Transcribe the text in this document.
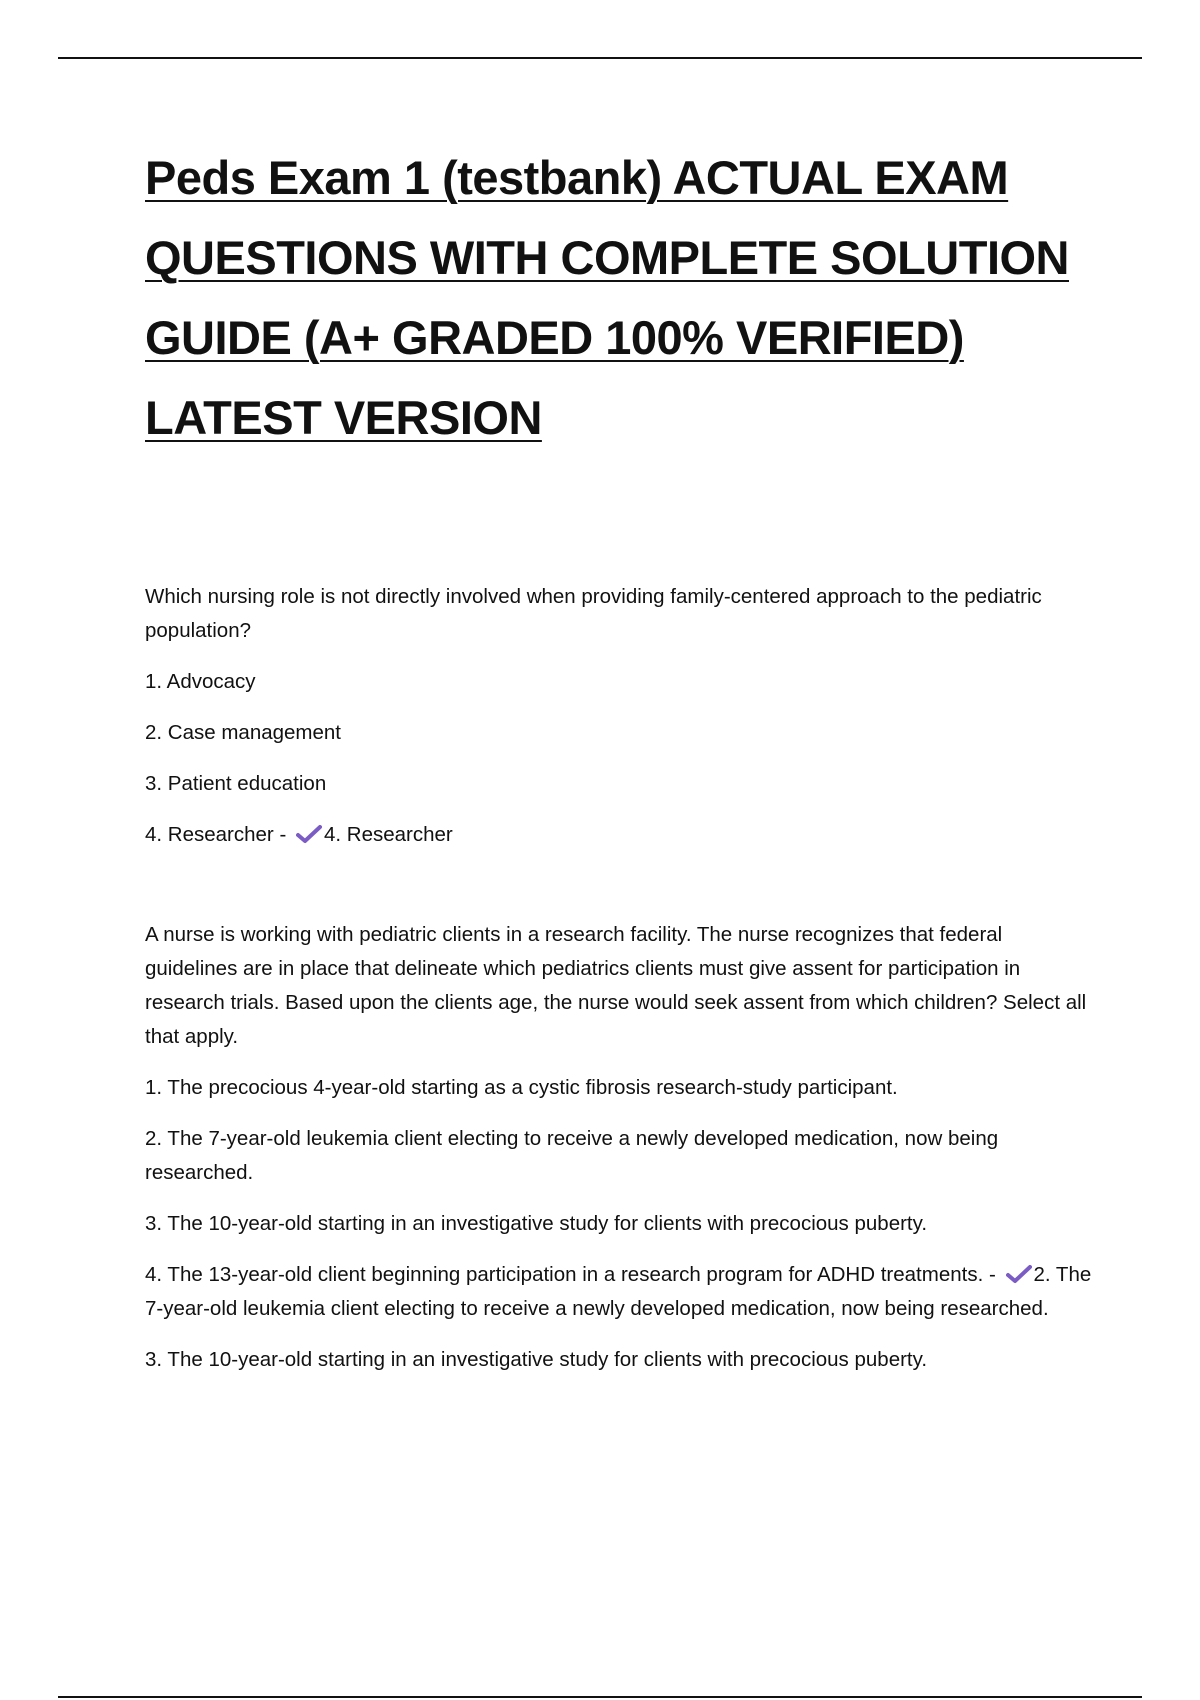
Peds Exam 1 (testbank) ACTUAL EXAM QUESTIONS WITH COMPLETE SOLUTION GUIDE (A+ GRADED 100% VERIFIED) LATEST VERSION

Which nursing role is not directly involved when providing family-centered approach to the pediatric population?

1. Advocacy

2. Case management

3. Patient education

4. Researcher - 4. Researcher

A nurse is working with pediatric clients in a research facility. The nurse recognizes that federal guidelines are in place that delineate which pediatrics clients must give assent for participation in research trials. Based upon the clients age, the nurse would seek assent from which children? Select all that apply.

1. The precocious 4-year-old starting as a cystic fibrosis research-study participant.

2. The 7-year-old leukemia client electing to receive a newly developed medication, now being researched.

3. The 10-year-old starting in an investigative study for clients with precocious puberty.

4. The 13-year-old client beginning participation in a research program for ADHD treatments. - 2. The 7-year-old leukemia client electing to receive a newly developed medication, now being researched.

3. The 10-year-old starting in an investigative study for clients with precocious puberty.
